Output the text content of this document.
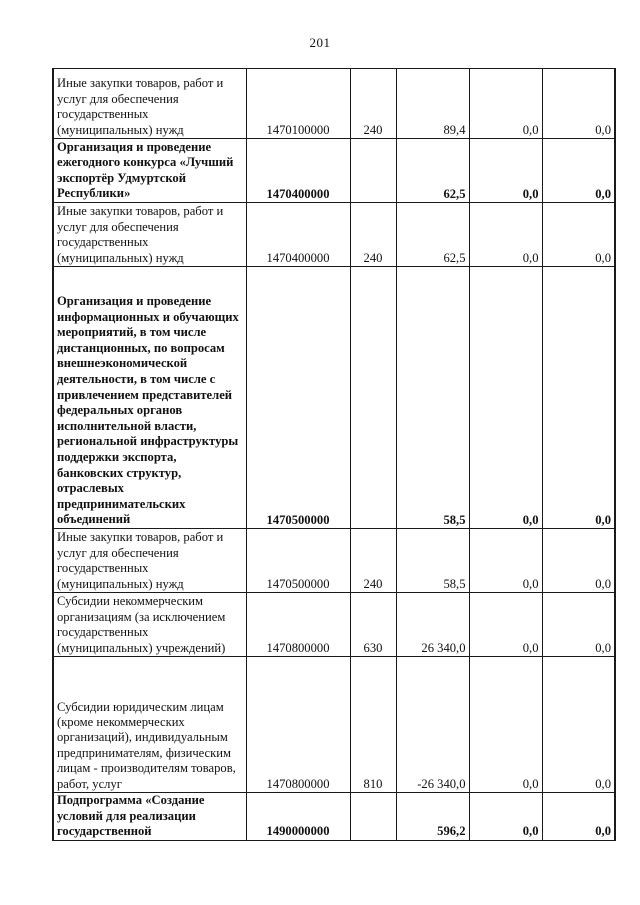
201
Иные закупки товаров, работ и услуг для обеспечения государственных (муниципальных) нужд	1470100000	240	89,4	0,0	0,0
Организация и проведение ежегодного конкурса «Лучший экспортёр Удмуртской Республики»	1470400000		62,5	0,0	0,0
Иные закупки товаров, работ и услуг для обеспечения государственных (муниципальных) нужд	1470400000	240	62,5	0,0	0,0
Организация и проведение информационных и обучающих мероприятий, в том числе дистанционных, по вопросам внешнеэкономической деятельности, в том числе с привлечением представителей федеральных органов исполнительной власти, региональной инфраструктуры поддержки экспорта, банковских структур, отраслевых предпринимательских объединений	1470500000		58,5	0,0	0,0
Иные закупки товаров, работ и услуг для обеспечения государственных (муниципальных) нужд	1470500000	240	58,5	0,0	0,0
Субсидии некоммерческим организациям (за исключением государственных (муниципальных) учреждений)	1470800000	630	26 340,0	0,0	0,0
Субсидии юридическим лицам (кроме некоммерческих организаций), индивидуальным предпринимателям, физическим лицам - производителям товаров, работ, услуг	1470800000	810	-26 340,0	0,0	0,0
Подпрограмма «Создание условий для реализации государственной	1490000000		596,2	0,0	0,0
